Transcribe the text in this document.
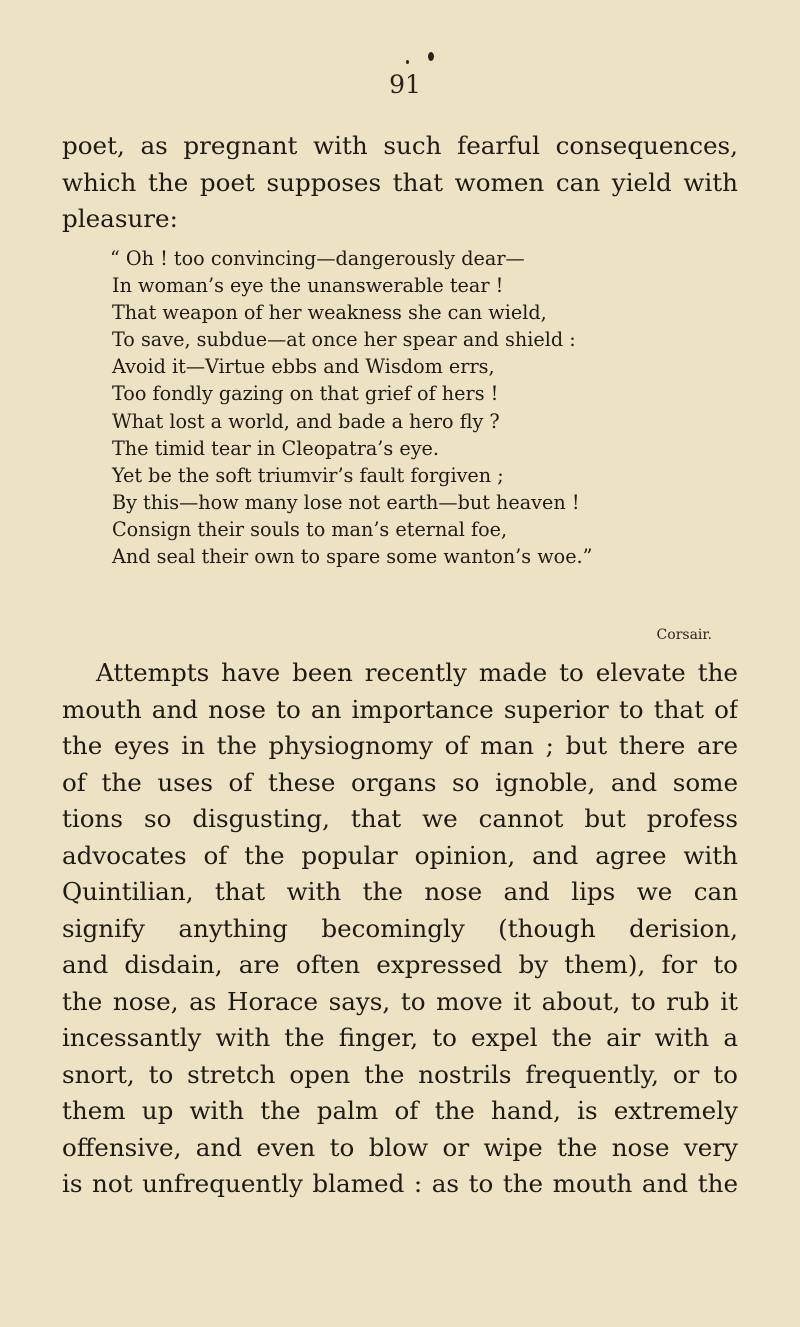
91

poet, as pregnant with such fearful consequences,
which the poet supposes that women can yield with
pleasure:

“ Oh ! too convincing—dangerously dear—
In woman’s eye the unanswerable tear !
That weapon of her weakness she can wield,
To save, subdue—at once her spear and shield :
Avoid it—Virtue ebbs and Wisdom errs,
Too fondly gazing on that grief of hers !
What lost a world, and bade a hero fly ?
The timid tear in Cleopatra’s eye.
Yet be the soft triumvir’s fault forgiven ;
By this—how many lose not earth—but heaven !
Consign their souls to man’s eternal foe,
And seal their own to spare some wanton’s woe.”
Corsair.

Attempts have been recently made to elevate the
mouth and nose to an importance superior to that of
the eyes in the physiognomy of man ; but there are
of the uses of these organs so ignoble, and some
tions so disgusting, that we cannot but profess
advocates of the popular opinion, and agree with
Quintilian, that with the nose and lips we can
signify anything becomingly (though derision,
and disdain, are often expressed by them), for to
the nose, as Horace says, to move it about, to rub it
incessantly with the finger, to expel the air with a
snort, to stretch open the nostrils frequently, or to
them up with the palm of the hand, is extremely
offensive, and even to blow or wipe the nose very
is not unfrequently blamed : as to the mouth and the
